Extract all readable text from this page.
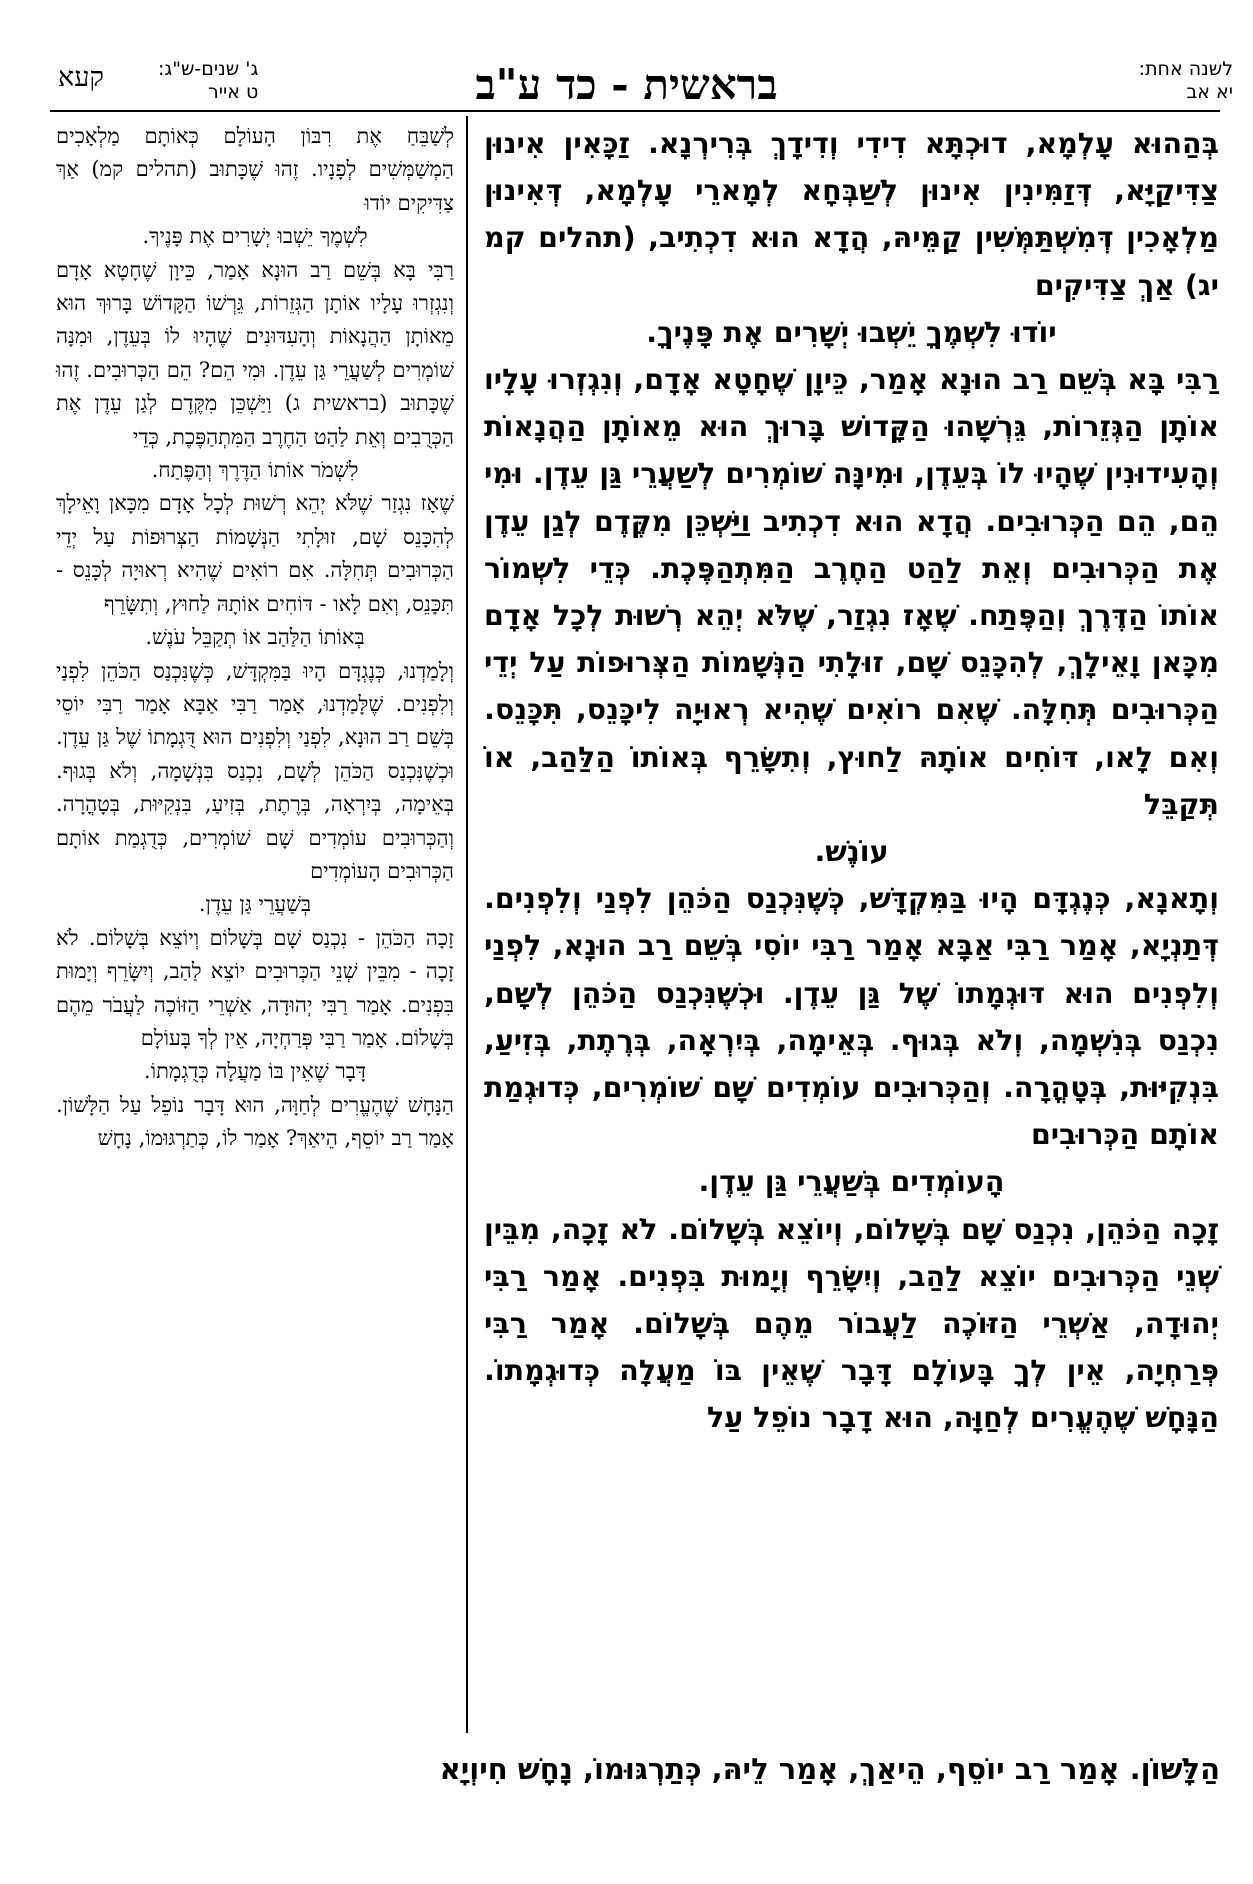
לשנה אחת:
יא אב
בראשית - כד ע"ב
ג' שנים-ש"ג:
ט אייר
קעא

בְּהַהוּא עָלְמָא, דוּכְתָּא דִידִי וְדִידָךְ בְּרִירְנָא. זַכָּאִין אִינוּן צַדִּיקַיָּא, דְּזַמִּינִין אִינוּן לְשַׁבְּחָא לְמָארֵי עָלְמָא, דְּאִינוּן מַלְאָכִין דְּמִשְׁתַּמְּשִׁין קַמֵּיהּ, הֲדָא הוּא דִכְתִיב, (תהלים קמ יג) אַךְ צַדִּיקִים

יוֹדוּ לִשְׁמֶךָ יֵשְׁבוּ יְשָׁרִים אֶת פָּנֶיךָ.

רַבִּי בָּא בְּשֵׁם רַב הוּנָא אָמַר, כֵּיוָן שֶׁחָטָא אָדָם, וְנִגְזְרוּ עָלָיו אוֹתָן הַגְּזֵרוֹת, גֵּרְשָׁהוּ הַקָּדוֹשׁ בָּרוּךְ הוּא מֵאוֹתָן הַהֲנָאוֹת וְהָעִידוּנִין שֶׁהָיוּ לוֹ בְּעֵדֶן, וּמִינָּה שׁוֹמְרִים לְשַׁעֲרֵי גַּן עֵדֶן. וּמִי הֵם, הֵם הַכְּרוּבִים. הֲדָא הוּא דִכְתִיב וַיַּשְׁכֵּן מִקֶּדֶם לְגַן עֵדֶן אֶת הַכְּרוּבִים וְאֵת לַהַט הַחֶרֶב הַמִּתְהַפֶּכֶת. כְּדֵי לִשְׁמוֹר אוֹתוֹ הַדֶּרֶךְ וְהַפֶּתַח. שֶׁאָז נִגְזַר, שֶׁלֹּא יְהֵא רְשׁוּת לְכָל אָדָם מִכָּאן וָאֵילָךְ, לְהִכָּנֵס שָׁם, זוּלָתִי הַנְּשָׁמוֹת הַצְּרוּפוֹת עַל יְדֵי הַכְּרוּבִים תְּחִלָּה. שֶׁאִם רוֹאִים שֶׁהִיא רְאוּיָה לִיכָּנֵס, תִּכָּנֵס. וְאִם לָאו, דּוֹחִים אוֹתָהּ לַחוּץ, וְתִשָּׂרֵף בְּאוֹתוֹ הַלַּהַב, אוֹ תְּקַבֵּל

עוֹנֶשׁ.

וְתָאנָא, כְּנֶגְדָּם הָיוּ בַּמִּקְדָּשׁ, כְּשֶׁנִּכְנַס הַכֹּהֵן לִפְנַי וְלִפְנִים. דְּתַנְיָא, אָמַר רַבִּי אַבָּא אָמַר רַבִּי יוֹסִי בְּשֵׁם רַב הוּנָא, לִפְנַי וְלִפְנִים הוּא דּוּגְמָתוֹ שֶׁל גַּן עֵדֶן. וּכְשֶׁנִּכְנַס הַכֹּהֵן לְשָׁם, נִכְנַס בְּנִשְׁמָה, וְלֹא בְּגוּף. בְּאֵימָה, בְּיִרְאָה, בְּרֶתֶת, בְּזִיעַ, בִּנְקִיּוּת, בְּטָהֳרָה. וְהַכְּרוּבִים עוֹמְדִים שָׁם שׁוֹמְרִים, כְּדוּגְמַת אוֹתָם הַכְּרוּבִים

הָעוֹמְדִים בְּשַׁעֲרֵי גַּן עֵדֶן.

זָכָה הַכֹּהֵן, נִכְנַס שָׁם בְּשָׁלוֹם, וְיוֹצֵא בְּשָׁלוֹם. לֹא זָכָה, מִבֵּין שְׁנֵי הַכְּרוּבִים יוֹצֵא לַהַב, וְיִשָּׂרֵף וְיָמוּת בִּפְנִים. אָמַר רַבִּי יְהוּדָה, אַשְׁרֵי הַזּוֹכֶה לַעֲבוֹר מֵהֶם בְּשָׁלוֹם. אָמַר רַבִּי פְּרַחְיָה, אֵין לְךָ בָּעוֹלָם דָּבָר שֶׁאֵין בּוֹ מַעֲלָה כְּדוּגְמָתוֹ. הַנָּחָשׁ שֶׁהֶעֱרִים לְחַוָּה, הוּא דָבָר נוֹפֵל עַל

לְשַׁבֵּחַ אֶת רִבּוֹן הָעוֹלָם כְּאוֹתָם מַלְאָכִים הַמְשַׁמְּשִׁים לְפָנָיו. זֶהוּ שֶׁכָּתוּב (תהלים קמ) אַךְ צַדִּיקִים יוֹדוּ

לִשְׁמֶךָ יֵשְׁבוּ יְשָׁרִים אֶת פָּנֶיךָ.

רַבִּי בָּא בְּשֵׁם רַב הוּנָא אָמַר, כֵּיוָן שֶׁחָטָא אָדָם וְנִגְזְרוּ עָלָיו אוֹתָן הַגְּזֵרוֹת, גֵּרְשׁוֹ הַקָּדוֹשׁ בָּרוּךְ הוּא מֵאוֹתָן הַהֲנָאוֹת וְהָעִדּוּנִים שֶׁהָיוּ לוֹ בְּעֵדֶן, וּמִנָּה שׁוֹמְרִים לְשַׁעֲרֵי גַּן עֵדֶן. וּמִי הֵם? הֵם הַכְּרוּבִים. זֶהוּ שֶׁכָּתוּב (בראשית ג) וַיַּשְׁכֵּן מִקֶּדֶם לְגַן עֵדֶן אֶת הַכְּרֻבִים וְאֵת לַהַט הַחֶרֶב הַמִּתְהַפֶּכֶת, כְּדֵי

לִשְׁמֹר אוֹתוֹ הַדֶּרֶךְ וְהַפֶּתַח.

שֶׁאָז נִגְזַר שֶׁלֹּא יְהֵא רְשׁוּת לְכָל אָדָם מִכָּאן וָאֵילָךְ לְהִכָּנֵס שָׁם, זוּלָתִי הַנְּשָׁמוֹת הַצְּרוּפוֹת עַל יְדֵי הַכְּרוּבִים תְּחִלָּה. אִם רוֹאִים שֶׁהִיא רְאוּיָה לְכָּנֵס - תִּכָּנֵס, וְאִם לָאו - דּוֹחִים אוֹתָהּ לַחוּץ, וְתִשָּׂרֵף

בְּאוֹתוֹ הַלַּהַב אוֹ תְקַבֵּל עֹנֶשׁ.

וְלָמַדְנוּ, כְּנֶגְדָּם הָיוּ בַּמִּקְדָּשׁ, כְּשֶׁנִּכְנַס הַכֹּהֵן לִפְנַי וְלִפְנִים. שֶׁלָּמַדְנוּ, אָמַר רַבִּי אַבָּא אָמַר רַבִּי יוֹסֵי בְּשֵׁם רַב הוּנָא, לִפְנַי וְלִפְנִים הוּא דֻּגְמָתוֹ שֶׁל גַּן עֵדֶן. וּכְשֶׁנִּכְנַס הַכֹּהֵן לְשָׁם, נִכְנַס בִּנְשָׁמָה, וְלֹא בְּגוּף. בְּאֵימָה, בְּיִרְאָה, בְּרֶתֶת, בְּזִיעַ, בִּנְקִיּוּת, בְּטָהֳרָה. וְהַכְּרוּבִים עוֹמְדִים שָׁם שׁוֹמְרִים, כְּדֻגְמַת אוֹתָם הַכְּרוּבִים הָעוֹמְדִים

בְּשַׁעֲרֵי גַּן עֵדֶן.

זָכָה הַכֹּהֵן - נִכְנַס שָׁם בְּשָׁלוֹם וְיוֹצֵא בְּשָׁלוֹם. לֹא זָכָה - מִבֵּין שְׁנֵי הַכְּרוּבִים יוֹצֵא לַהַב, וְיִשָּׂרֵף וְיָמוּת בִּפְנִים. אָמַר רַבִּי יְהוּדָה, אַשְׁרֵי הַזּוֹכֶה לַעֲבֹר מֵהֶם בְּשָׁלוֹם. אָמַר רַבִּי פְּרַחְיָה, אֵין לְךָ בָּעוֹלָם

דָּבָר שֶׁאֵין בּוֹ מַעֲלָה כְּדֻגְמָתוֹ.

הַנָּחָשׁ שֶׁהֶעֱרִים לְחַוָּה, הוּא דָּבָר נוֹפֵל עַל הַלָּשׁוֹן. אָמַר רַב יוֹסֵף, הֵיאַךְ? אָמַר לוֹ, כְּתַרְגּוּמוֹ, נָחָשׁ

הַלָּשׁוֹן. אָמַר רַב יוֹסֵף, הֵיאַךְ, אָמַר לֵיהּ, כְּתַרְגּוּמוֹ, נָחָשׁ חִיוְיָא
